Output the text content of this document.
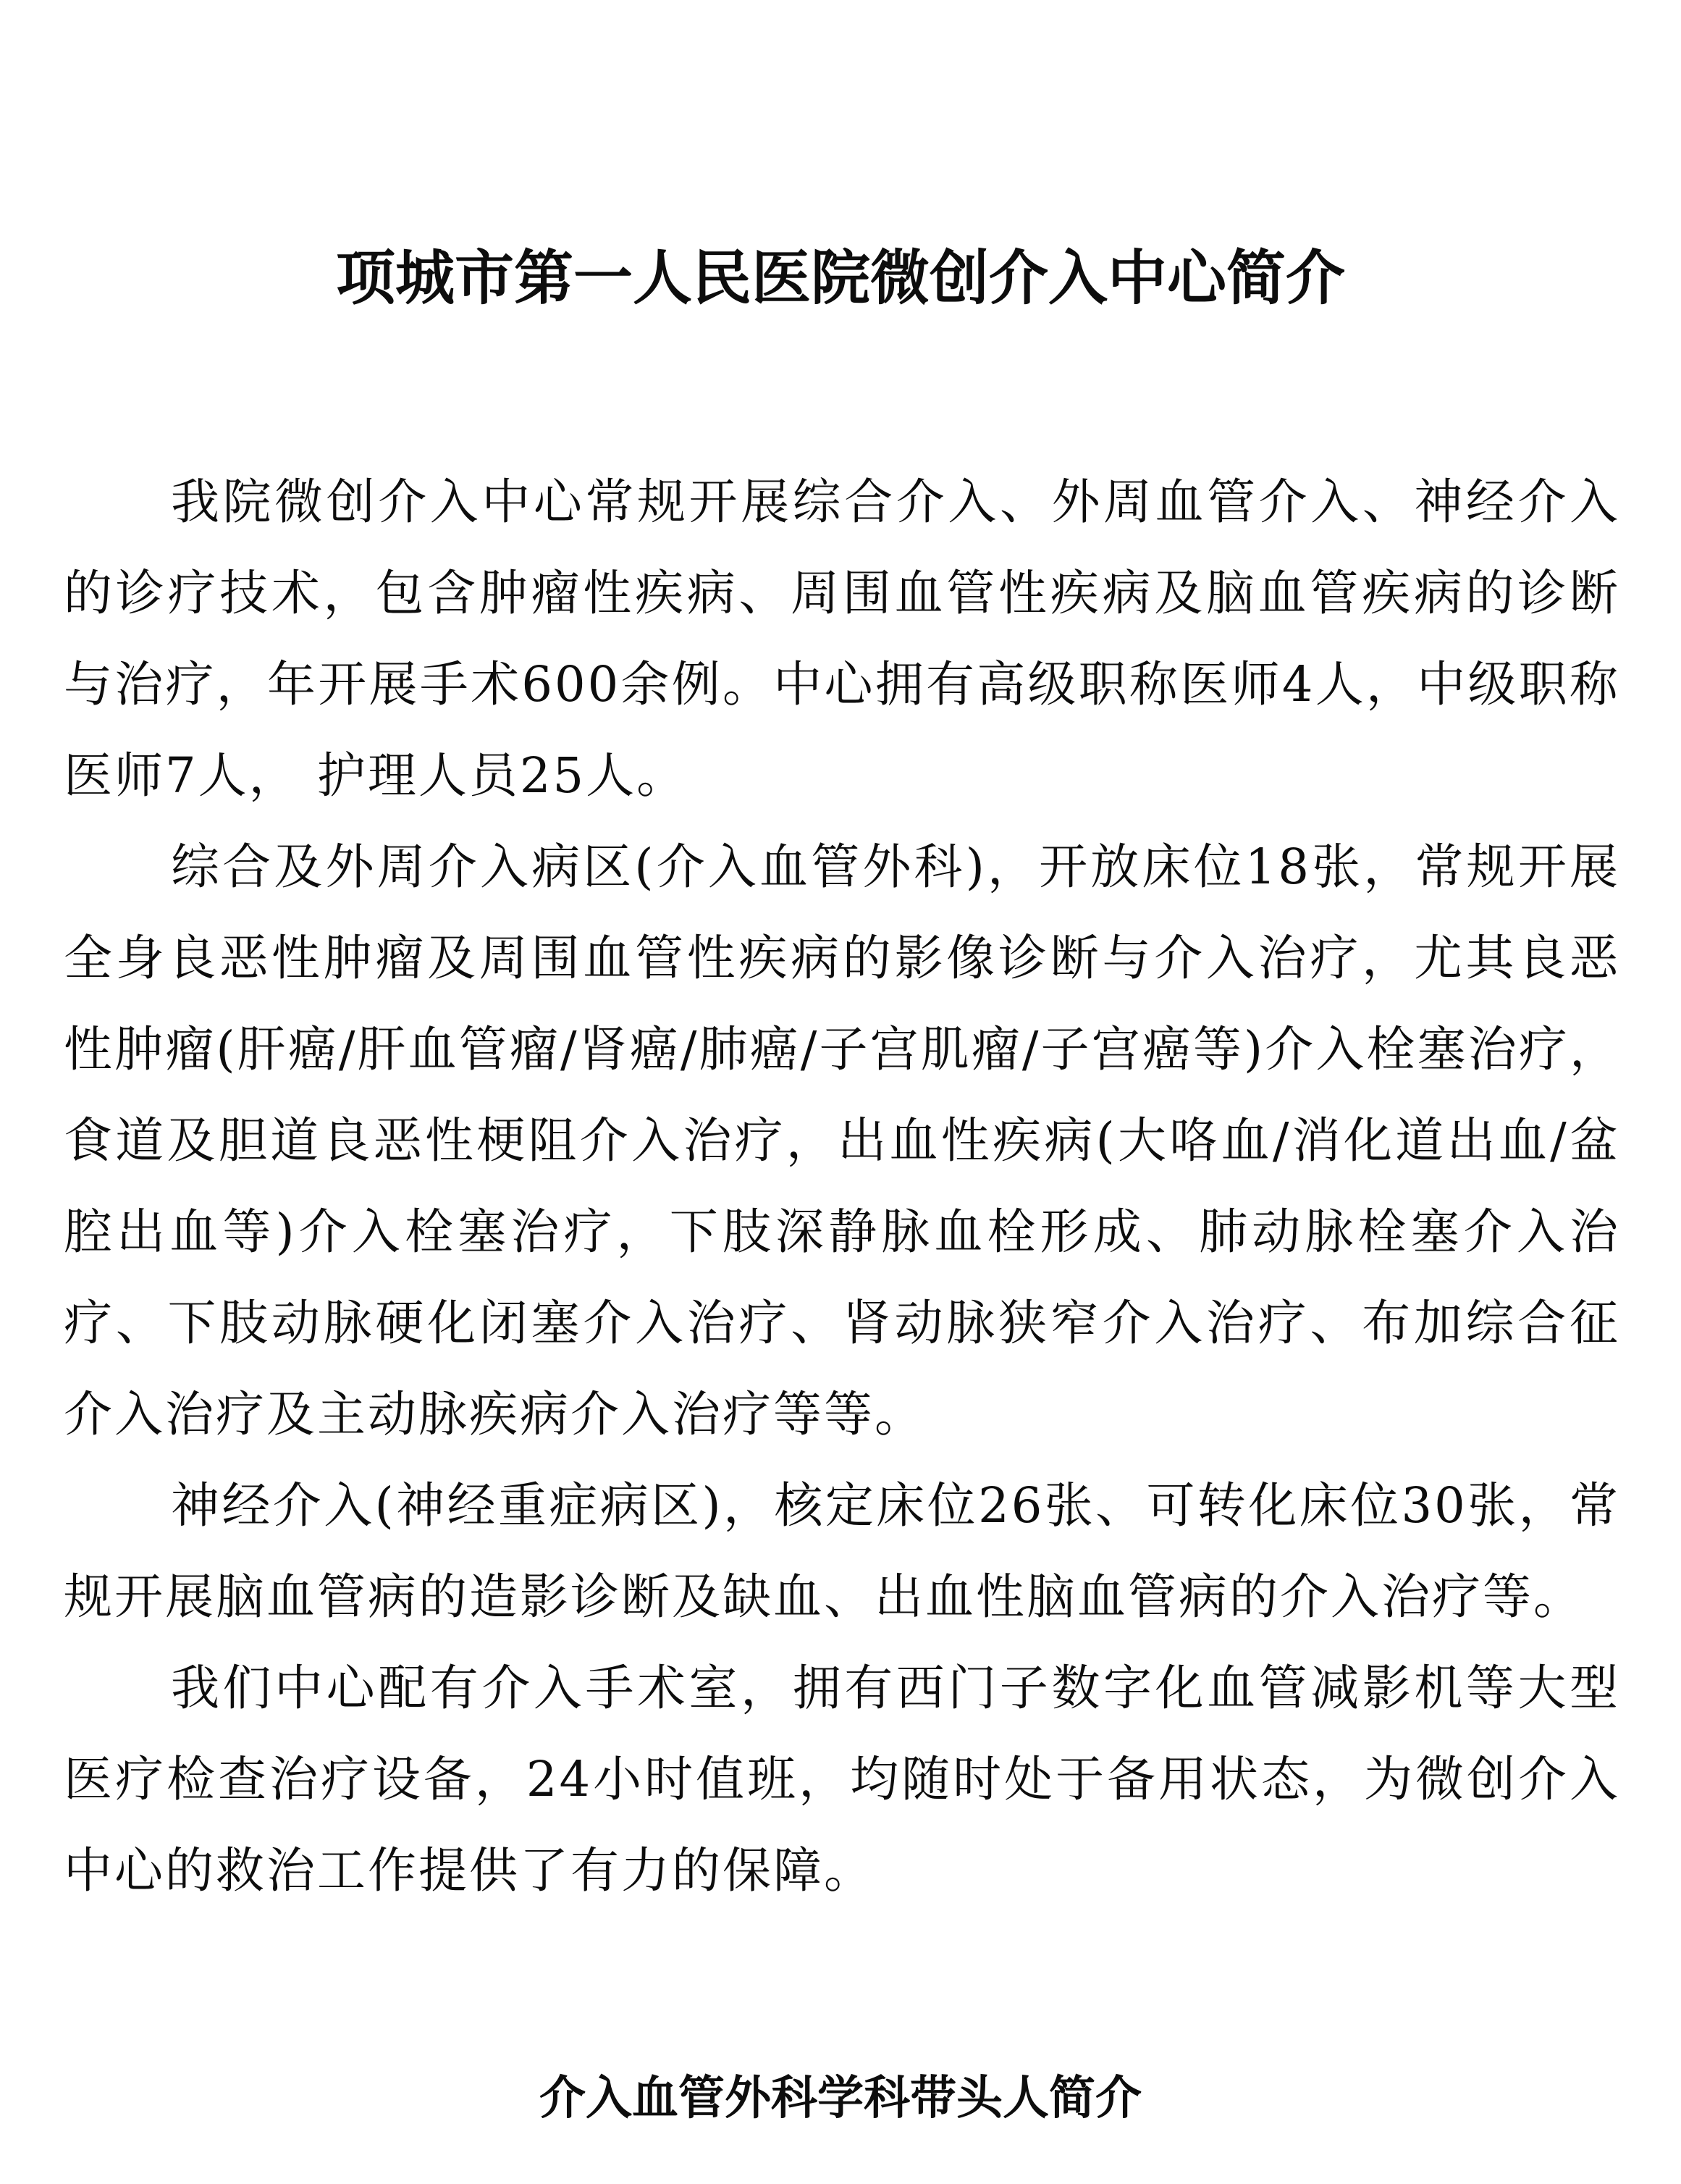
项城市第一人民医院微创介入中心简介

我院微创介入中心常规开展综合介入、外周血管介入、神经介入的诊疗技术，包含肿瘤性疾病、周围血管性疾病及脑血管疾病的诊断与治疗，年开展手术600余例。中心拥有高级职称医师4人，中级职称医师7人， 护理人员25人。

综合及外周介入病区(介入血管外科)，开放床位18张，常规开展全身良恶性肿瘤及周围血管性疾病的影像诊断与介入治疗，尤其良恶性肿瘤(肝癌/肝血管瘤/肾癌/肺癌/子宫肌瘤/子宫癌等)介入栓塞治疗， 食道及胆道良恶性梗阻介入治疗，出血性疾病(大咯血/消化道出血/盆腔出血等)介入栓塞治疗，下肢深静脉血栓形成、肺动脉栓塞介入治疗、下肢动脉硬化闭塞介入治疗、肾动脉狭窄介入治疗、布加综合征介入治疗及主动脉疾病介入治疗等等。

神经介入(神经重症病区)，核定床位26张、可转化床位30张，常规开展脑血管病的造影诊断及缺血、出血性脑血管病的介入治疗等。

我们中心配有介入手术室，拥有西门子数字化血管减影机等大型医疗检查治疗设备，24小时值班，均随时处于备用状态，为微创介入中心的救治工作提供了有力的保障。

介入血管外科学科带头人简介
